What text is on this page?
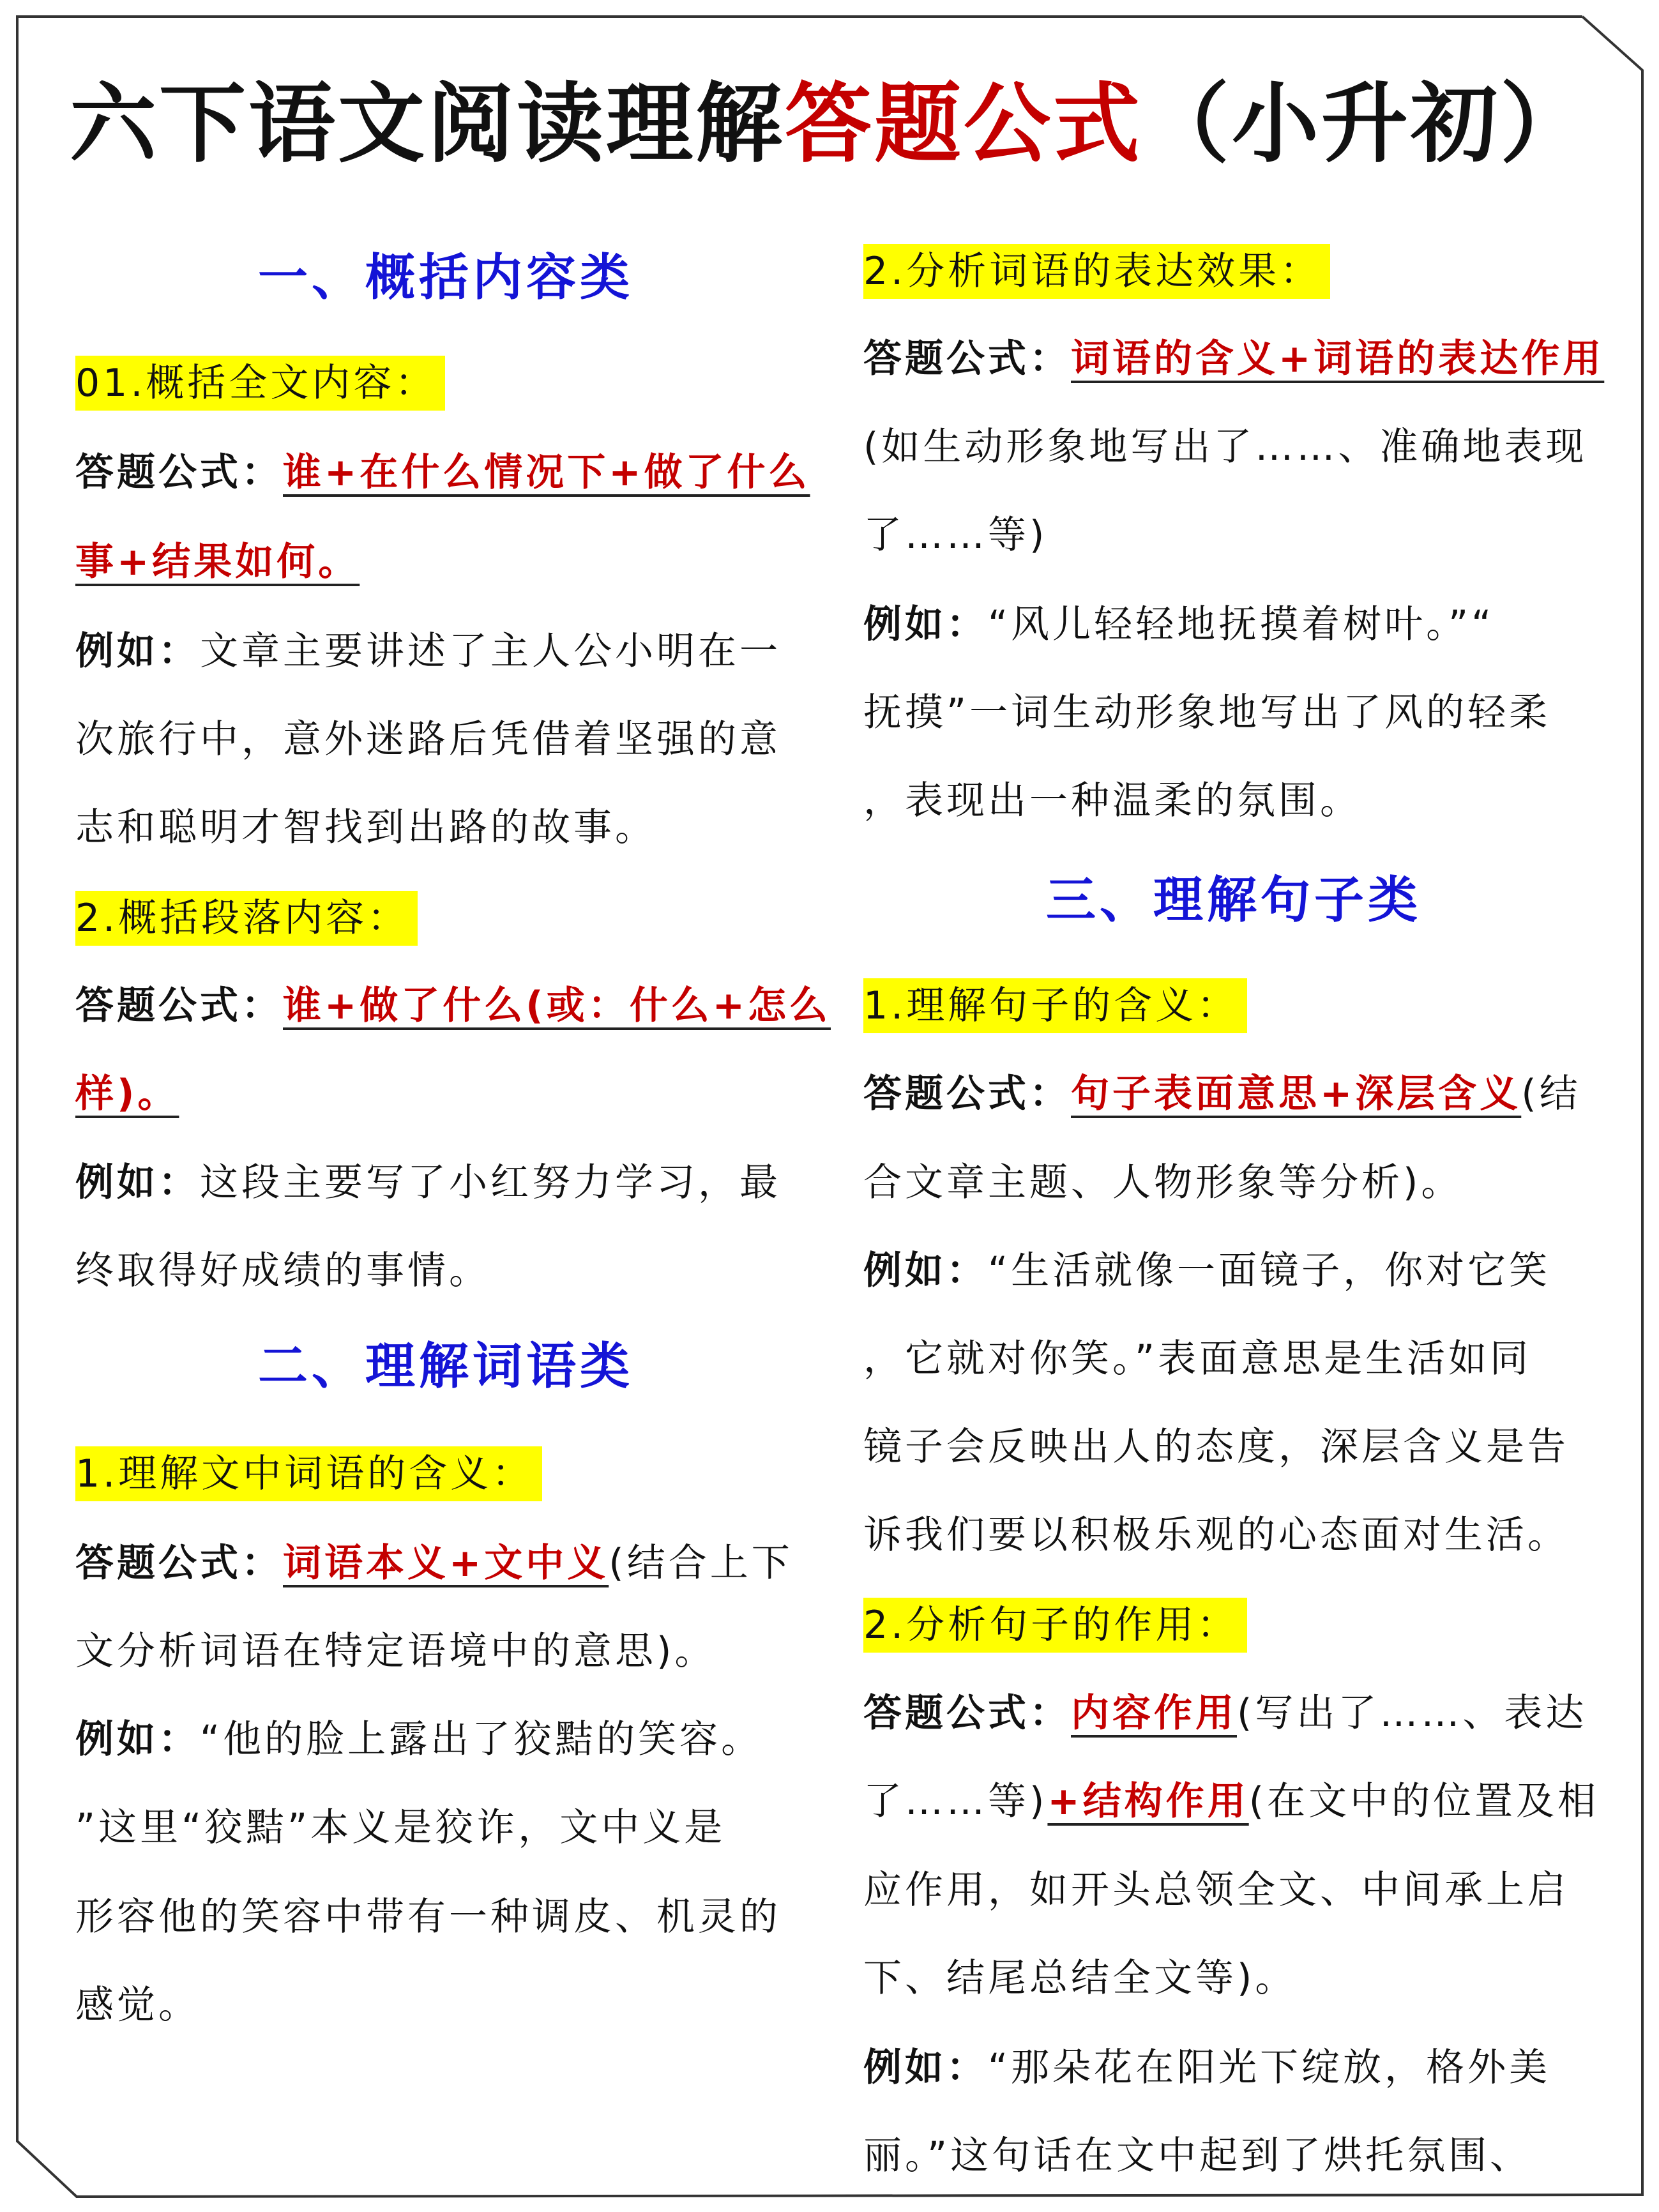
六下语文阅读理解答题公式（小升初）
一、概括内容类
01.概括全文内容：
答题公式：谁+在什么情况下+做了什么
事+结果如何。
例如：文章主要讲述了主人公小明在一
次旅行中，意外迷路后凭借着坚强的意
志和聪明才智找到出路的故事。
2.概括段落内容：
答题公式：谁+做了什么(或：什么+怎么
样)。
例如：这段主要写了小红努力学习，最
终取得好成绩的事情。
二、理解词语类
1.理解文中词语的含义：
答题公式：词语本义+文中义(结合上下
文分析词语在特定语境中的意思)。
例如：“他的脸上露出了狡黠的笑容。
”这里“狡黠”本义是狡诈，文中义是
形容他的笑容中带有一种调皮、机灵的
感觉。
2.分析词语的表达效果：
答题公式：词语的含义+词语的表达作用
(如生动形象地写出了……、准确地表现
了……等)
例如：“风儿轻轻地抚摸着树叶。”“
抚摸”一词生动形象地写出了风的轻柔
，表现出一种温柔的氛围。
三、理解句子类
1.理解句子的含义：
答题公式：句子表面意思+深层含义(结
合文章主题、人物形象等分析)。
例如：“生活就像一面镜子，你对它笑
，它就对你笑。”表面意思是生活如同
镜子会反映出人的态度，深层含义是告
诉我们要以积极乐观的心态面对生活。
2.分析句子的作用：
答题公式：内容作用(写出了……、表达
了……等)+结构作用(在文中的位置及相
应作用，如开头总领全文、中间承上启
下、结尾总结全文等)。
例如：“那朵花在阳光下绽放，格外美
丽。”这句话在文中起到了烘托氛围、
